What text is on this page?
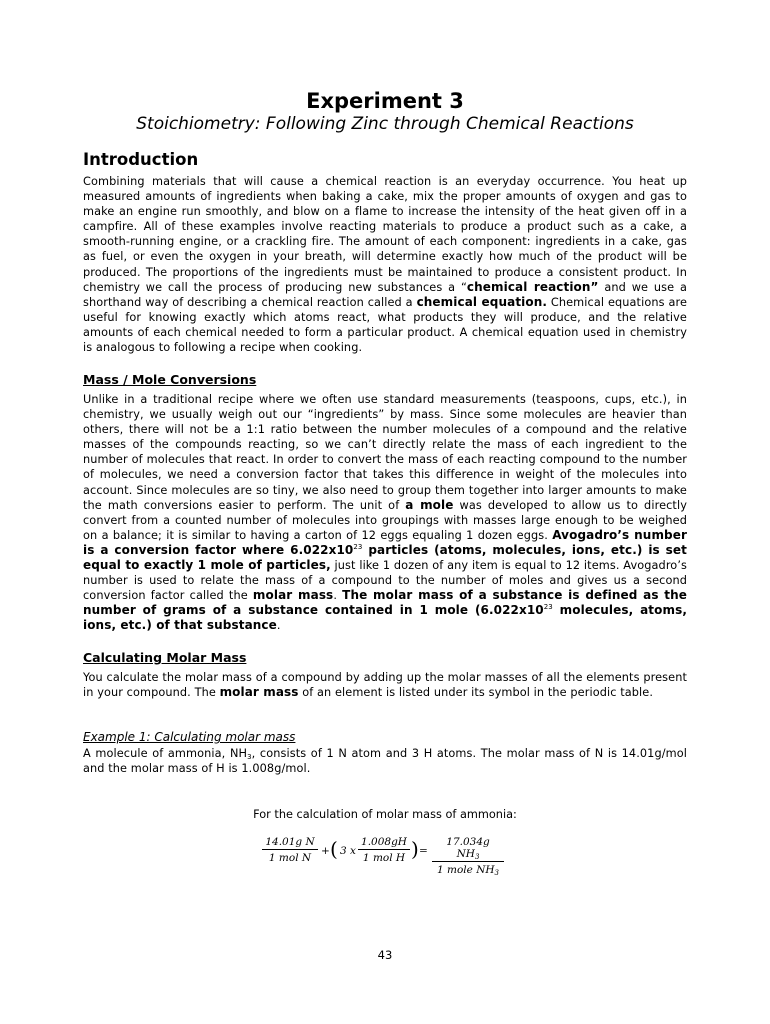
Experiment 3
Stoichiometry: Following Zinc through Chemical Reactions
Introduction
Combining materials that will cause a chemical reaction is an everyday occurrence. You heat up measured amounts of ingredients when baking a cake, mix the proper amounts of oxygen and gas to make an engine run smoothly, and blow on a flame to increase the intensity of the heat given off in a campfire. All of these examples involve reacting materials to produce a product such as a cake, a smooth-running engine, or a crackling fire. The amount of each component: ingredients in a cake, gas as fuel, or even the oxygen in your breath, will determine exactly how much of the product will be produced. The proportions of the ingredients must be maintained to produce a consistent product. In chemistry we call the process of producing new substances a “chemical reaction” and we use a shorthand way of describing a chemical reaction called a chemical equation. Chemical equations are useful for knowing exactly which atoms react, what products they will produce, and the relative amounts of each chemical needed to form a particular product. A chemical equation used in chemistry is analogous to following a recipe when cooking.
Mass / Mole Conversions
Unlike in a traditional recipe where we often use standard measurements (teaspoons, cups, etc.), in chemistry, we usually weigh out our “ingredients” by mass. Since some molecules are heavier than others, there will not be a 1:1 ratio between the number molecules of a compound and the relative masses of the compounds reacting, so we can’t directly relate the mass of each ingredient to the number of molecules that react. In order to convert the mass of each reacting compound to the number of molecules, we need a conversion factor that takes this difference in weight of the molecules into account. Since molecules are so tiny, we also need to group them together into larger amounts to make the math conversions easier to perform. The unit of a mole was developed to allow us to directly convert from a counted number of molecules into groupings with masses large enough to be weighed on a balance; it is similar to having a carton of 12 eggs equaling 1 dozen eggs. Avogadro’s number is a conversion factor where $6.022x10^{23}$ particles (atoms, molecules, ions, etc.) is set equal to exactly 1 mole of particles, just like 1 dozen of any item is equal to 12 items. Avogadro’s number is used to relate the mass of a compound to the number of moles and gives us a second conversion factor called the molar mass. The molar mass of a substance is defined as the number of grams of a substance contained in 1 mole ($6.022x10^{23}$ molecules, atoms, ions, etc.) of that substance.
Calculating Molar Mass
You calculate the molar mass of a compound by adding up the molar masses of all the elements present in your compound. The molar mass of an element is listed under its symbol in the periodic table.
Example 1: Calculating molar mass
A molecule of ammonia, $NH_3$, consists of 1 N atom and 3 H atoms. The molar mass of N is 14.01g/mol and the molar mass of H is 1.008g/mol.
For the calculation of molar mass of ammonia:
14.01g N
1 mol N
+ ( 3 x
1.008gH
1 mol H ) =
17.034g $NH_3$
1 mole $NH_3$
43
